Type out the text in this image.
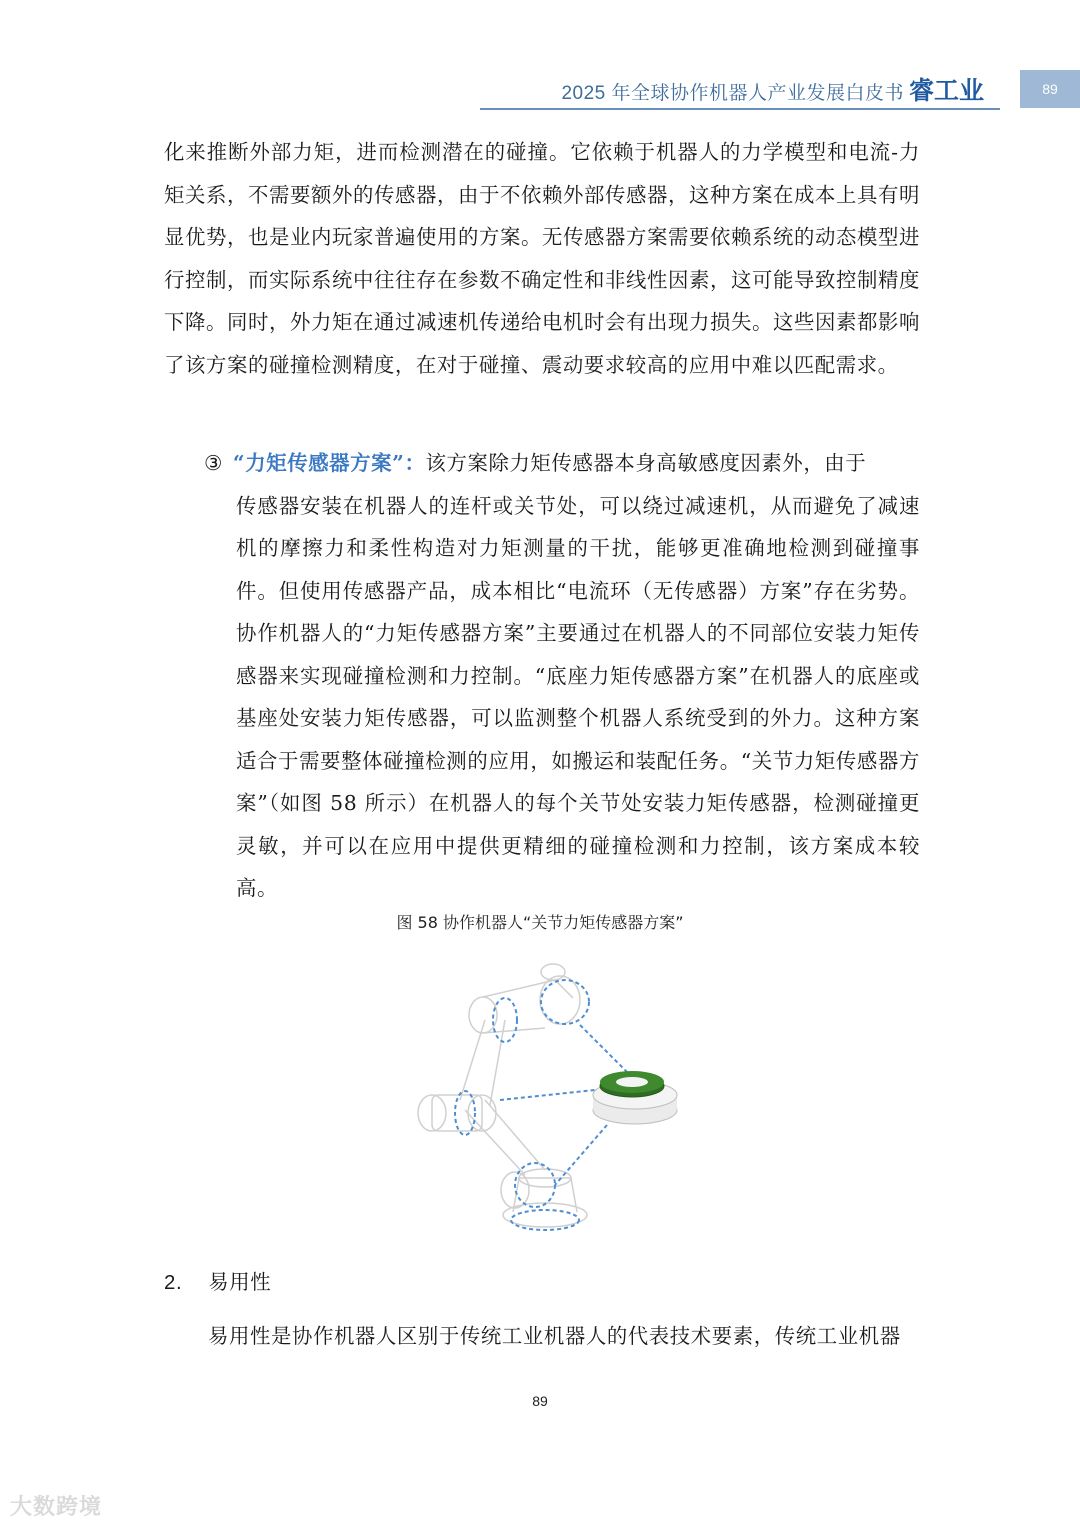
2025 年全球协作机器人产业发展白皮书 睿工业	89

化来推断外部力矩，进而检测潜在的碰撞。它依赖于机器人的力学模型和电流-力矩关系，不需要额外的传感器，由于不依赖外部传感器，这种方案在成本上具有明显优势，也是业内玩家普遍使用的方案。无传感器方案需要依赖系统的动态模型进行控制，而实际系统中往往存在参数不确定性和非线性因素，这可能导致控制精度下降。同时，外力矩在通过减速机传递给电机时会有出现力损失。这些因素都影响了该方案的碰撞检测精度，在对于碰撞、震动要求较高的应用中难以匹配需求。

③ “力矩传感器方案”：该方案除力矩传感器本身高敏感度因素外，由于
传感器安装在机器人的连杆或关节处，可以绕过减速机，从而避免了减速机的摩擦力和柔性构造对力矩测量的干扰，能够更准确地检测到碰撞事件。但使用传感器产品，成本相比“电流环（无传感器）方案”存在劣势。协作机器人的“力矩传感器方案”主要通过在机器人的不同部位安装力矩传感器来实现碰撞检测和力控制。“底座力矩传感器方案”在机器人的底座或基座处安装力矩传感器，可以监测整个机器人系统受到的外力。这种方案适合于需要整体碰撞检测的应用，如搬运和装配任务。“关节力矩传感器方案”（如图 58 所示）在机器人的每个关节处安装力矩传感器，检测碰撞更灵敏，并可以在应用中提供更精细的碰撞检测和力控制，该方案成本较高。

图 58 协作机器人“关节力矩传感器方案”
2. 易用性

易用性是协作机器人区别于传统工业机器人的代表技术要素，传统工业机器

89
大数跨境
